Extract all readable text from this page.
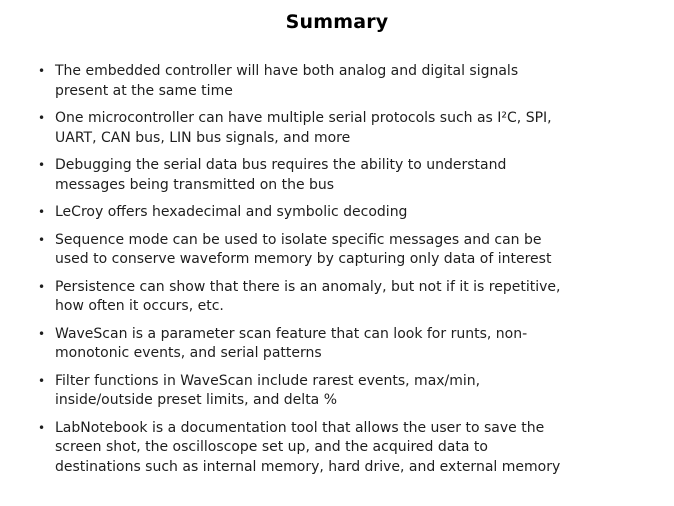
Summary
• The embedded controller will have both analog and digital signals
present at the same time
• One microcontroller can have multiple serial protocols such as I²C, SPI,
UART, CAN bus, LIN bus signals, and more
• Debugging the serial data bus requires the ability to understand
messages being transmitted on the bus
• LeCroy offers hexadecimal and symbolic decoding
• Sequence mode can be used to isolate specific messages and can be
used to conserve waveform memory by capturing only data of interest
• Persistence can show that there is an anomaly, but not if it is repetitive,
how often it occurs, etc.
• WaveScan is a parameter scan feature that can look for runts, non-
monotonic events, and serial patterns
• Filter functions in WaveScan include rarest events, max/min,
inside/outside preset limits, and delta %
• LabNotebook is a documentation tool that allows the user to save the
screen shot, the oscilloscope set up, and the acquired data to
destinations such as internal memory, hard drive, and external memory
